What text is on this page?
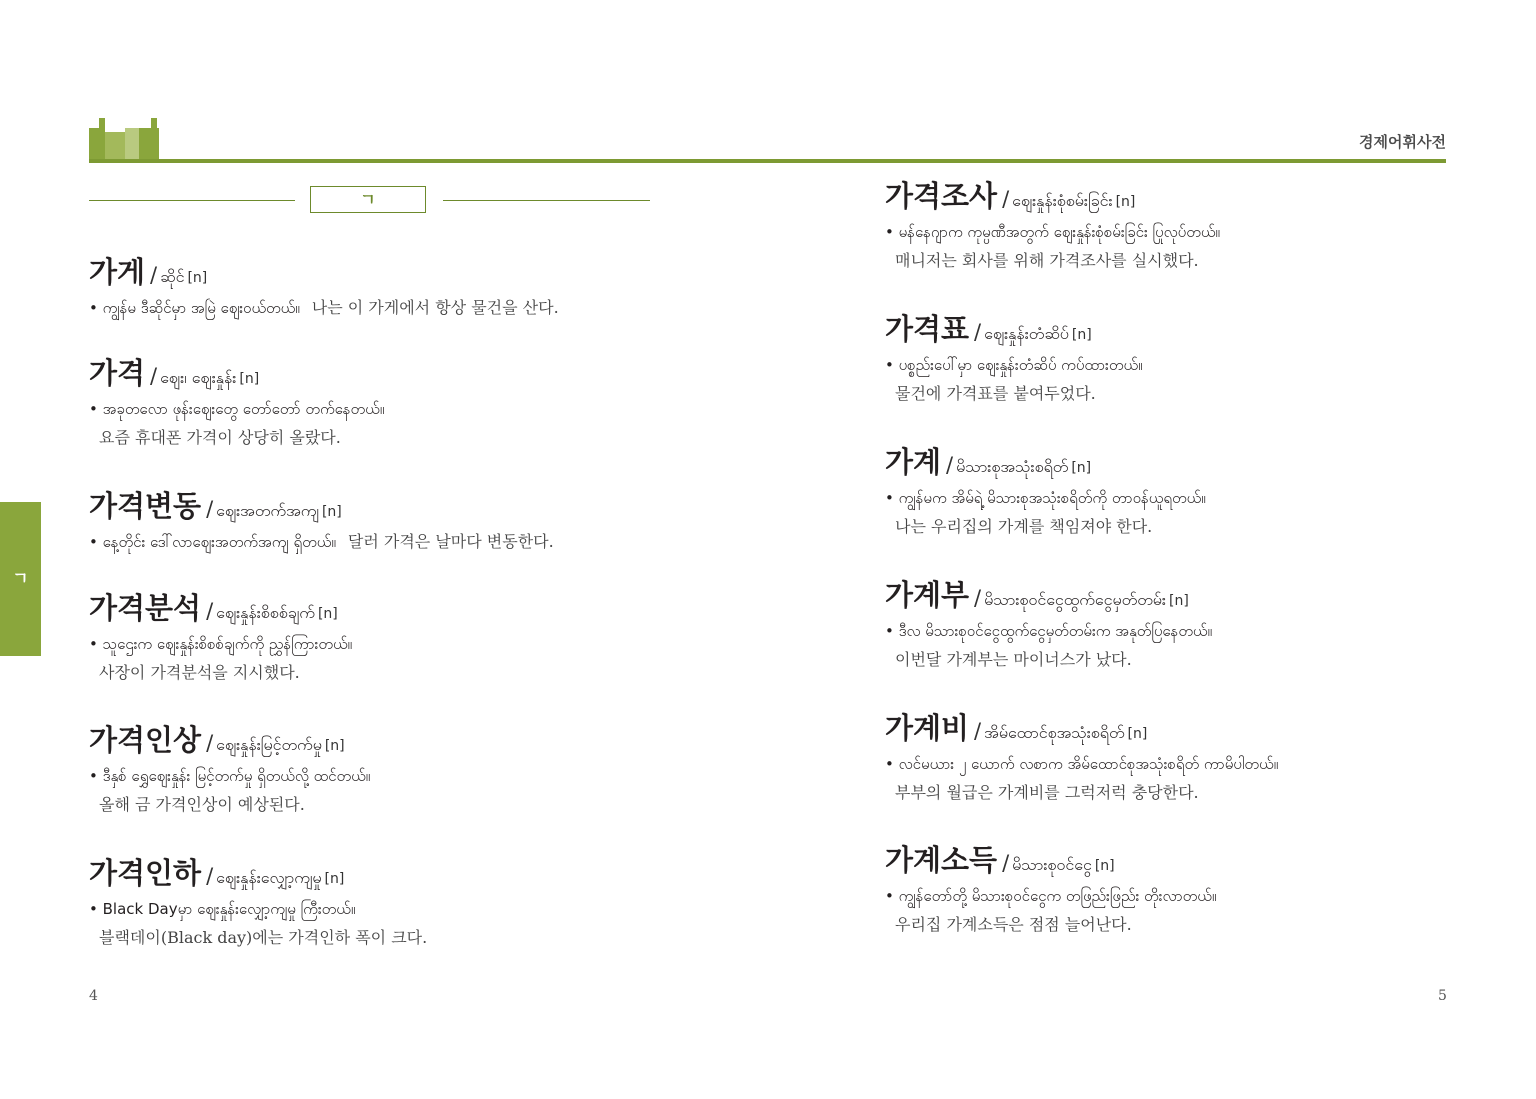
경제어휘사전
ㄱ
ㄱ
가게 / ဆိုင် [n]
• ကျွန်မ ဒီဆိုင်မှာ အမြဲ ဈေးဝယ်တယ်။ 나는 이 가게에서 항상 물건을 산다.
가격 / ဈေး၊ ဈေးနှုန်း [n]
• အခုတလော ဖုန်းဈေးတွေ တော်တော် တက်နေတယ်။
요즘 휴대폰 가격이 상당히 올랐다.
가격변동 / ဈေးအတက်အကျ [n]
• နေ့တိုင်း ဒေါ်လာဈေးအတက်အကျ ရှိတယ်။ 달러 가격은 날마다 변동한다.
가격분석 / ဈေးနှုန်းစိစစ်ချက် [n]
• သူဌေးက ဈေးနှုန်းစိစစ်ချက်ကို ညွှန်ကြားတယ်။
사장이 가격분석을 지시했다.
가격인상 / ဈေးနှုန်းမြင့်တက်မှု [n]
• ဒီနှစ် ရွှေဈေးနှုန်း မြင့်တက်မှု ရှိတယ်လို့ ထင်တယ်။
올해 금 가격인상이 예상된다.
가격인하 / ဈေးနှုန်းလျှော့ကျမှု [n]
• Black Dayမှာ ဈေးနှုန်းလျှော့ကျမှု ကြီးတယ်။
블랙데이(Black day)에는 가격인하 폭이 크다.
가격조사 / ဈေးနှုန်းစုံစမ်းခြင်း [n]
• မန်နေဂျာက ကုမ္ပဏီအတွက် ဈေးနှုန်းစုံစမ်းခြင်း ပြုလုပ်တယ်။
매니저는 회사를 위해 가격조사를 실시했다.
가격표 / ဈေးနှုန်းတံဆိပ် [n]
• ပစ္စည်းပေါ်မှာ ဈေးနှုန်းတံဆိပ် ကပ်ထားတယ်။
물건에 가격표를 붙여두었다.
가계 / မိသားစုအသုံးစရိတ် [n]
• ကျွန်မက အိမ်ရဲ့ မိသားစုအသုံးစရိတ်ကို တာဝန်ယူရတယ်။
나는 우리집의 가계를 책임져야 한다.
가계부 / မိသားစုဝင်ငွေထွက်ငွေမှတ်တမ်း [n]
• ဒီလ မိသားစုဝင်ငွေထွက်ငွေမှတ်တမ်းက အနုတ်ပြနေတယ်။
이번달 가계부는 마이너스가 났다.
가계비 / အိမ်ထောင်စုအသုံးစရိတ် [n]
• လင်မယား ၂ ယောက် လစာက အိမ်ထောင်စုအသုံးစရိတ် ကာမိပါတယ်။
부부의 월급은 가계비를 그럭저럭 충당한다.
가계소득 / မိသားစုဝင်ငွေ [n]
• ကျွန်တော်တို့ မိသားစုဝင်ငွေက တဖြည်းဖြည်း တိုးလာတယ်။
우리집 가계소득은 점점 늘어난다.
4	5
